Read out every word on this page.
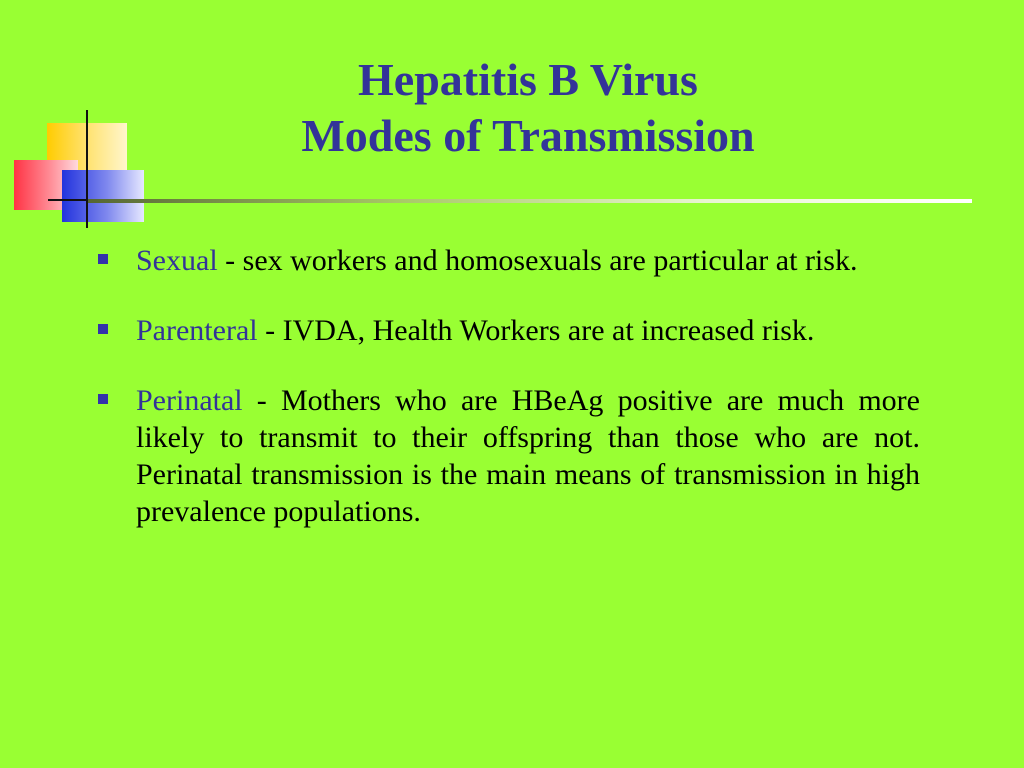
Hepatitis B Virus
Modes of Transmission
Sexual - sex workers and homosexuals are particular at risk.
Parenteral - IVDA, Health Workers are at increased risk.
Perinatal - Mothers who are HBeAg positive are much more likely to transmit to their offspring than those who are not. Perinatal transmission is the main means of transmission in high prevalence populations.
